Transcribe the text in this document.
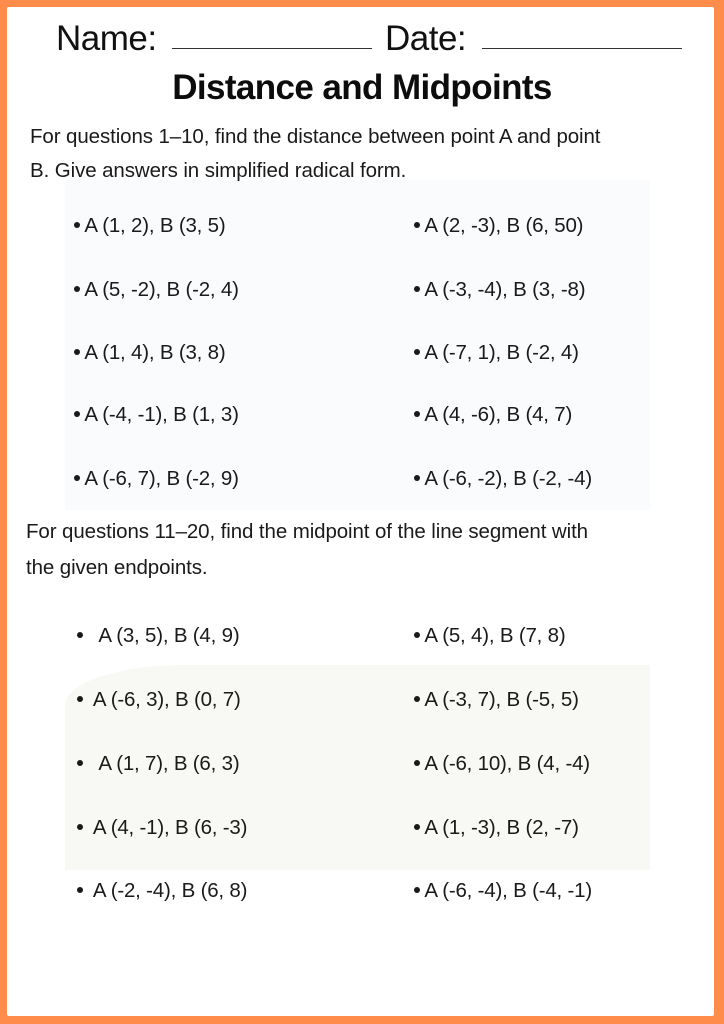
Name:	Date:
Distance and Midpoints
For questions 1–10, find the distance between point A and point
B. Give answers in simplified radical form.
A (1, 2), B (3, 5)	A (2, -3), B (6, 50)
A (5, -2), B (-2, 4)	A (-3, -4), B (3, -8)
A (1, 4), B (3, 8)	A (-7, 1), B (-2, 4)
A (-4, -1), B (1, 3)	A (4, -6), B (4, 7)
A (-6, 7), B (-2, 9)	A (-6, -2), B (-2, -4)
For questions 11–20, find the midpoint of the line segment with
the given endpoints.
A (3, 5), B (4, 9)	A (5, 4), B (7, 8)
A (-6, 3), B (0, 7)	A (-3, 7), B (-5, 5)
A (1, 7), B (6, 3)	A (-6, 10), B (4, -4)
A (4, -1), B (6, -3)	A (1, -3), B (2, -7)
A (-2, -4), B (6, 8)	A (-6, -4), B (-4, -1)
